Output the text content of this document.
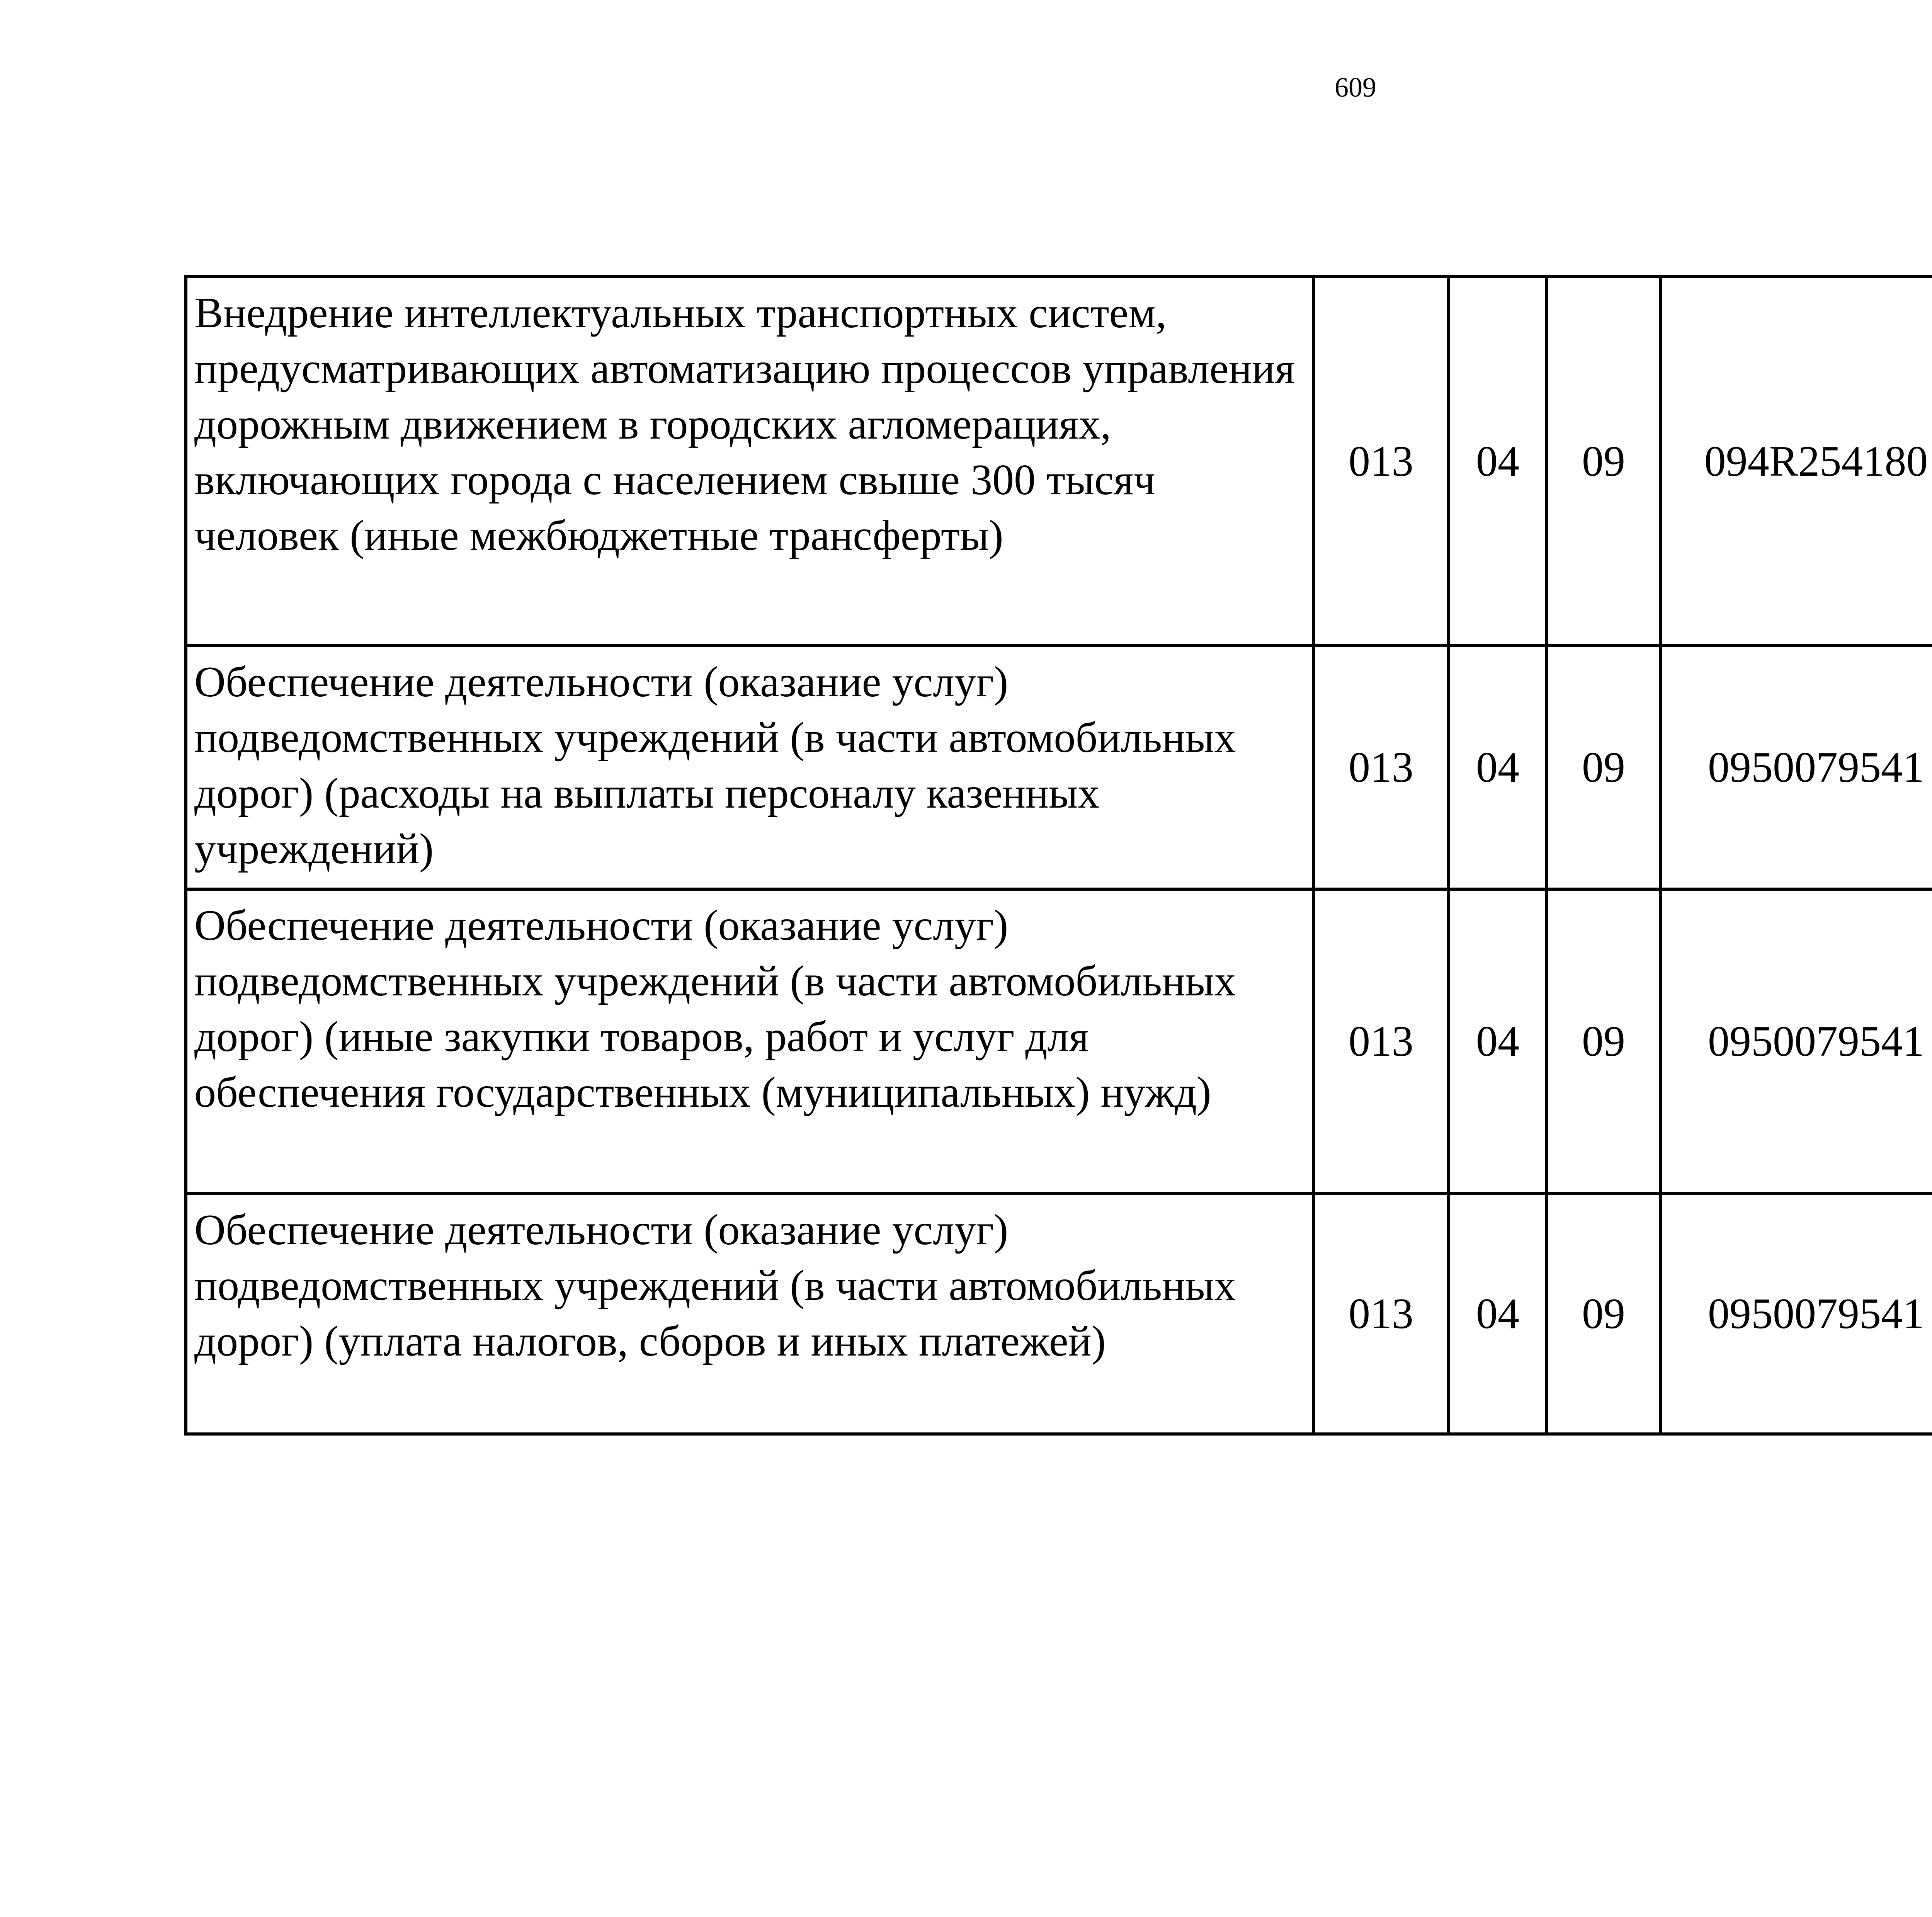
609
Внедрение интеллектуальных транспортных систем, предусматривающих автоматизацию процессов управления дорожным движением в городских агломерациях, включающих города с населением свыше 300 тысяч человек (иные межбюджетные трансферты)	013	04	09	094R254180		
Обеспечение деятельности (оказание услуг) подведомственных учреждений (в части автомобильных дорог) (расходы на выплаты персоналу казенных учреждений)	013	04	09	0950079541		
Обеспечение деятельности (оказание услуг) подведомственных учреждений (в части автомобильных дорог) (иные закупки товаров, работ и услуг для обеспечения государственных (муниципальных) нужд)	013	04	09	0950079541		
Обеспечение деятельности (оказание услуг) подведомственных учреждений (в части автомобильных дорог) (уплата налогов, сборов и иных платежей)	013	04	09	0950079541		
